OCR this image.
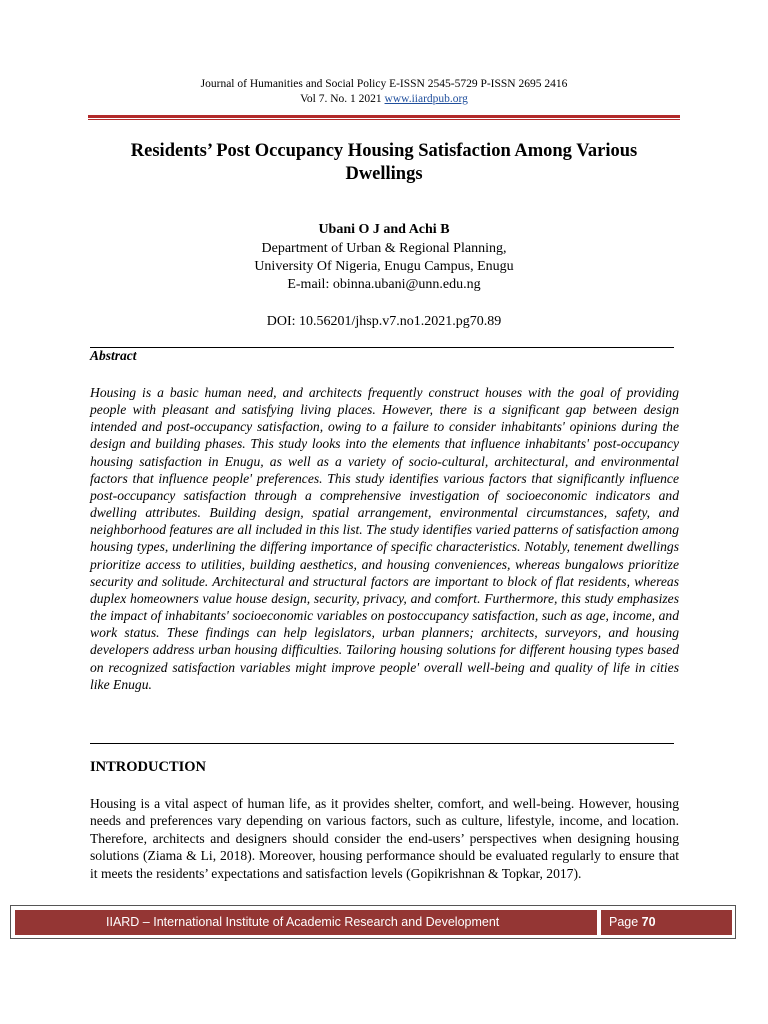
Journal of Humanities and Social Policy E-ISSN 2545-5729 P-ISSN 2695 2416
Vol 7. No. 1 2021 www.iiardpub.org
Residents’ Post Occupancy Housing Satisfaction Among Various
Dwellings
Ubani O J and Achi B
Department of Urban & Regional Planning,
University Of Nigeria, Enugu Campus, Enugu
E-mail: obinna.ubani@unn.edu.ng
DOI: 10.56201/jhsp.v7.no1.2021.pg70.89
Abstract
Housing is a basic human need, and architects frequently construct houses with the goal of providing people with pleasant and satisfying living places. However, there is a significant gap between design intended and post-occupancy satisfaction, owing to a failure to consider inhabitants' opinions during the design and building phases. This study looks into the elements that influence inhabitants' post-occupancy housing satisfaction in Enugu, as well as a variety of socio-cultural, architectural, and environmental factors that influence people' preferences. This study identifies various factors that significantly influence post-occupancy satisfaction through a comprehensive investigation of socioeconomic indicators and dwelling attributes. Building design, spatial arrangement, environmental circumstances, safety, and neighborhood features are all included in this list. The study identifies varied patterns of satisfaction among housing types, underlining the differing importance of specific characteristics. Notably, tenement dwellings prioritize access to utilities, building aesthetics, and housing conveniences, whereas bungalows prioritize security and solitude. Architectural and structural factors are important to block of flat residents, whereas duplex homeowners value house design, security, privacy, and comfort. Furthermore, this study emphasizes the impact of inhabitants' socioeconomic variables on postoccupancy satisfaction, such as age, income, and work status. These findings can help legislators, urban planners; architects, surveyors, and housing developers address urban housing difficulties. Tailoring housing solutions for different housing types based on recognized satisfaction variables might improve people' overall well-being and quality of life in cities like Enugu.
INTRODUCTION
Housing is a vital aspect of human life, as it provides shelter, comfort, and well-being. However, housing needs and preferences vary depending on various factors, such as culture, lifestyle, income, and location. Therefore, architects and designers should consider the end-users’ perspectives when designing housing solutions (Ziama & Li, 2018). Moreover, housing performance should be evaluated regularly to ensure that it meets the residents’ expectations and satisfaction levels (Gopikrishnan & Topkar, 2017).
IIARD – International Institute of Academic Research and Development	Page 70
